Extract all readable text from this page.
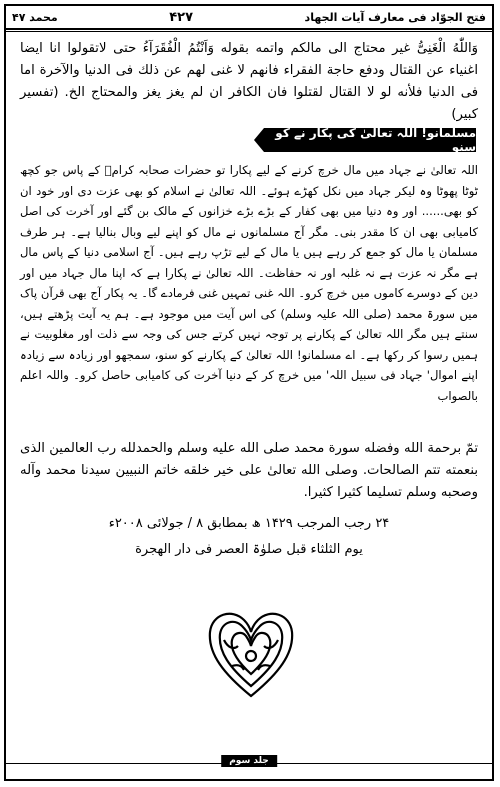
محمد ۴۷	۴۲۷	فتح الجوّاد فی معارف آیات الجهاد
وَاللّٰهُ الْغَنِیُّ غیر محتاج الی مالکم واتمه بقوله وَاَنْتُمُ الْفُقَرَآءُ حتى لاتقولوا انا ایضا اغنیاء عن القتال ودفع حاجة الفقراء فانهم لا غنى لهم عن ذلك فى الدنیا والآخرة اما فى الدنیا فلأنه لو لا القتال لقتلوا فان الکافر ان لم یغز یغز والمحتاج الخ. (تفسیر کبیر)
مسلمانو! اللہ تعالیٰ کی پکار نے کو سنو
اللہ تعالیٰ نے جہاد میں مال خرچ کرنے کے لیے پکارا تو حضرات صحابہ کرامؓ کے پاس جو کچھ ٹوٹا پھوٹا وہ لیکر جہاد میں نکل کھڑے ہوئے۔ اللہ تعالیٰ نے اسلام کو بھی عزت دی اور خود ان کو بھی...... اور وہ دنیا میں بھی کفار کے بڑے بڑے خزانوں کے مالک بن گئے اور آخرت کی اصل کامیابی بھی ان کا مقدر بنی۔ مگر آج مسلمانوں نے مال کو اپنے لیے وبال بنالیا ہے۔ ہر طرف مسلمان یا مال کو جمع کر رہے ہیں یا مال کے لیے تڑپ رہے ہیں۔ آج اسلامی دنیا کے پاس مال ہے مگر نہ عزت ہے نہ غلبہ اور نہ حفاظت۔ اللہ تعالیٰ نے پکارا ہے کہ اپنا مال جہاد میں اور دین کے دوسرے کاموں میں خرچ کرو۔ اللہ غنی تمہیں غنی فرمادے گا۔ یہ پکار آج بھی قرآن پاک میں سورۃ محمد (صلی اللہ علیہ وسلم) کی اس آیت میں موجود ہے۔ ہم یہ آیت پڑھتے ہیں، سنتے ہیں مگر اللہ تعالیٰ کے پکارنے پر توجہ نہیں کرتے جس کی وجہ سے ذلت اور مغلوبیت نے ہمیں رسوا کر رکھا ہے۔ اے مسلمانو! اللہ تعالیٰ کے پکارنے کو سنو، سمجھو اور زیادہ سے زیادہ اپنے اموال' جہاد فی سبیل اللہ' میں خرچ کر کے دنیا آخرت کی کامیابی حاصل کرو۔ واللہ اعلم بالصواب
تمّ برحمة الله وفضله سورة محمد صلى الله علیه وسلم والحمدلله رب العالمین الذی بنعمته تتم الصالحات. وصلى الله تعالیٰ على خیر خلقه خاتم النبیین سیدنا محمد وآله وصحبه وسلم تسلیما کثیرا کثیرا.
۲۴ رجب المرجب ۱۴۲۹ ھ بمطابق ۸ / جولائی ۲۰۰۸ء
یوم الثلثاء قبل صلوٰۃ العصر فی دار الهجرة
جلد سوم
